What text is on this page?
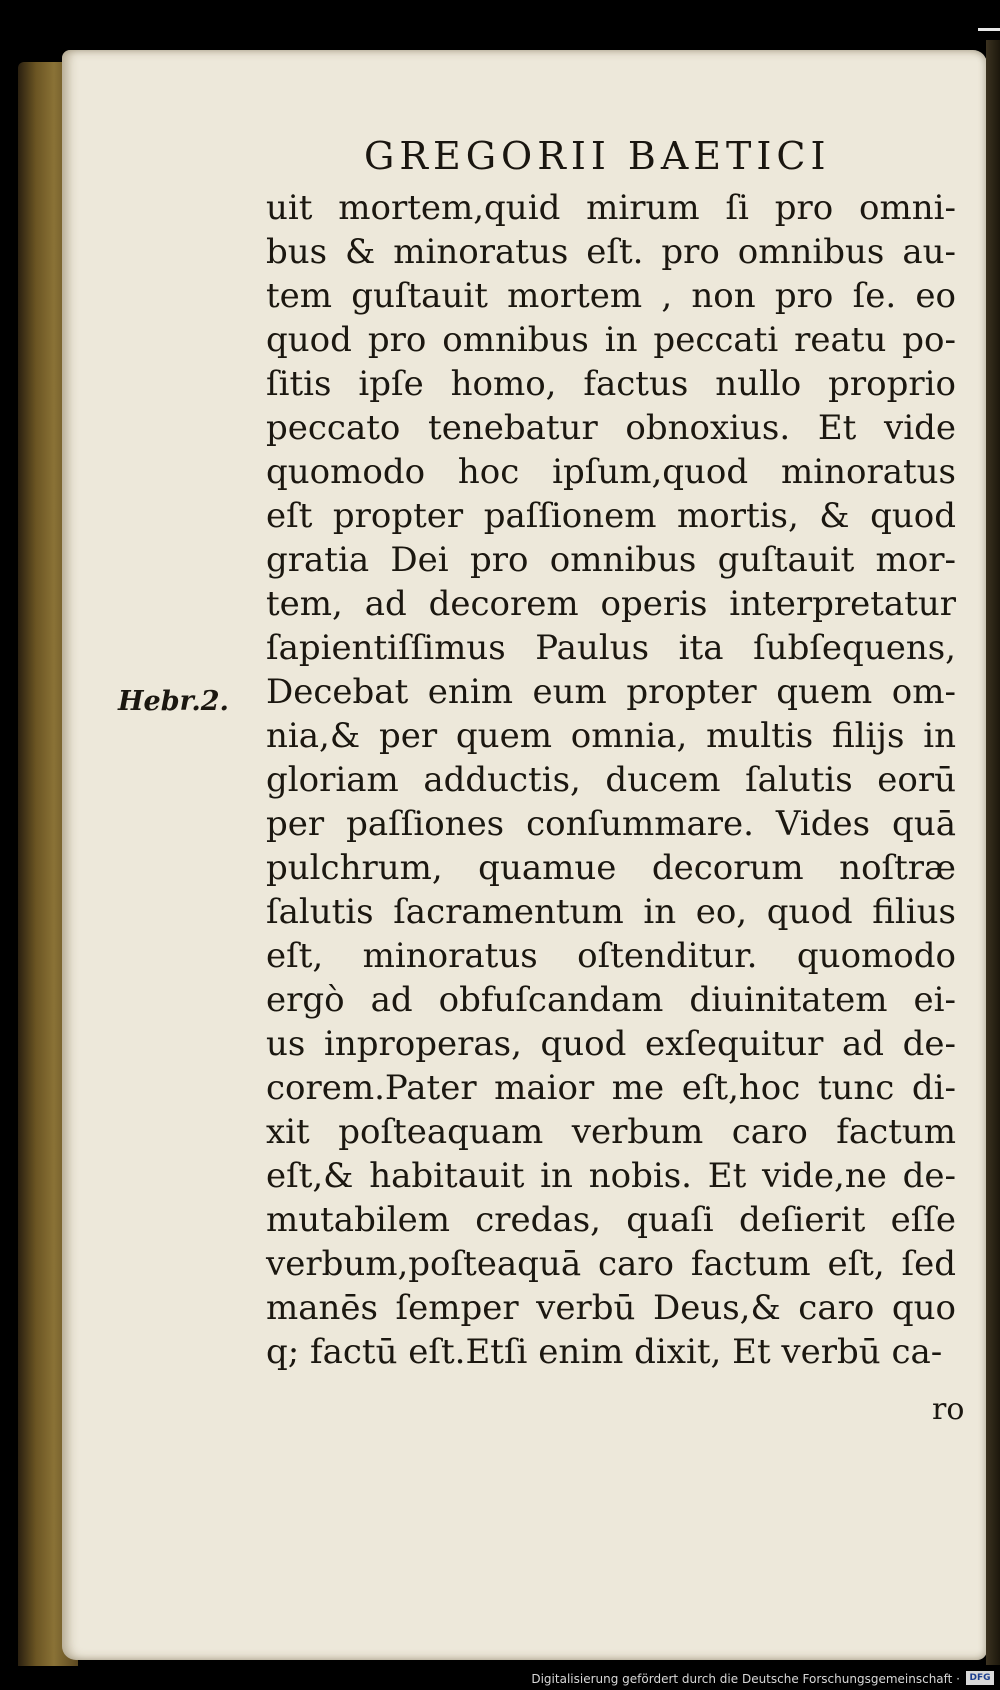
GREGORII BAETICI
Hebr.2.
uit mortem,quid mirum ſi pro omni-
bus & minoratus eſt. pro omnibus au-
tem guſtauit mortem , non pro ſe. eo
quod pro omnibus in peccati reatu po-
ſitis ipſe homo, factus nullo proprio
peccato tenebatur obnoxius. Et vide
quomodo hoc ipſum,quod minoratus
eſt propter paſſionem mortis, & quod
gratia Dei pro omnibus guſtauit mor-
tem, ad decorem operis interpretatur
ſapientiſſimus Paulus ita ſubſequens,
Decebat enim eum propter quem om-
nia,& per quem omnia, multis filijs in
gloriam adductis, ducem ſalutis eorū
per paſſiones conſummare. Vides quā
pulchrum, quamue decorum noſtræ
ſalutis ſacramentum in eo, quod filius
eſt, minoratus oſtenditur. quomodo
ergò ad obfuſcandam diuinitatem ei-
us inproperas, quod exſequitur ad de-
corem.Pater maior me eſt,hoc tunc di-
xit poſteaquam verbum caro factum
eſt,& habitauit in nobis. Et vide,ne de-
mutabilem credas, quaſi deſierit eſſe
verbum,poſteaquā caro factum eſt, ſed
manēs ſemper verbū Deus,& caro quo
q; factū eſt.Etſi enim dixit, Et verbū ca-
ro
Digitalisierung gefördert durch die Deutsche Forschungsgemeinschaft ·	DFG
